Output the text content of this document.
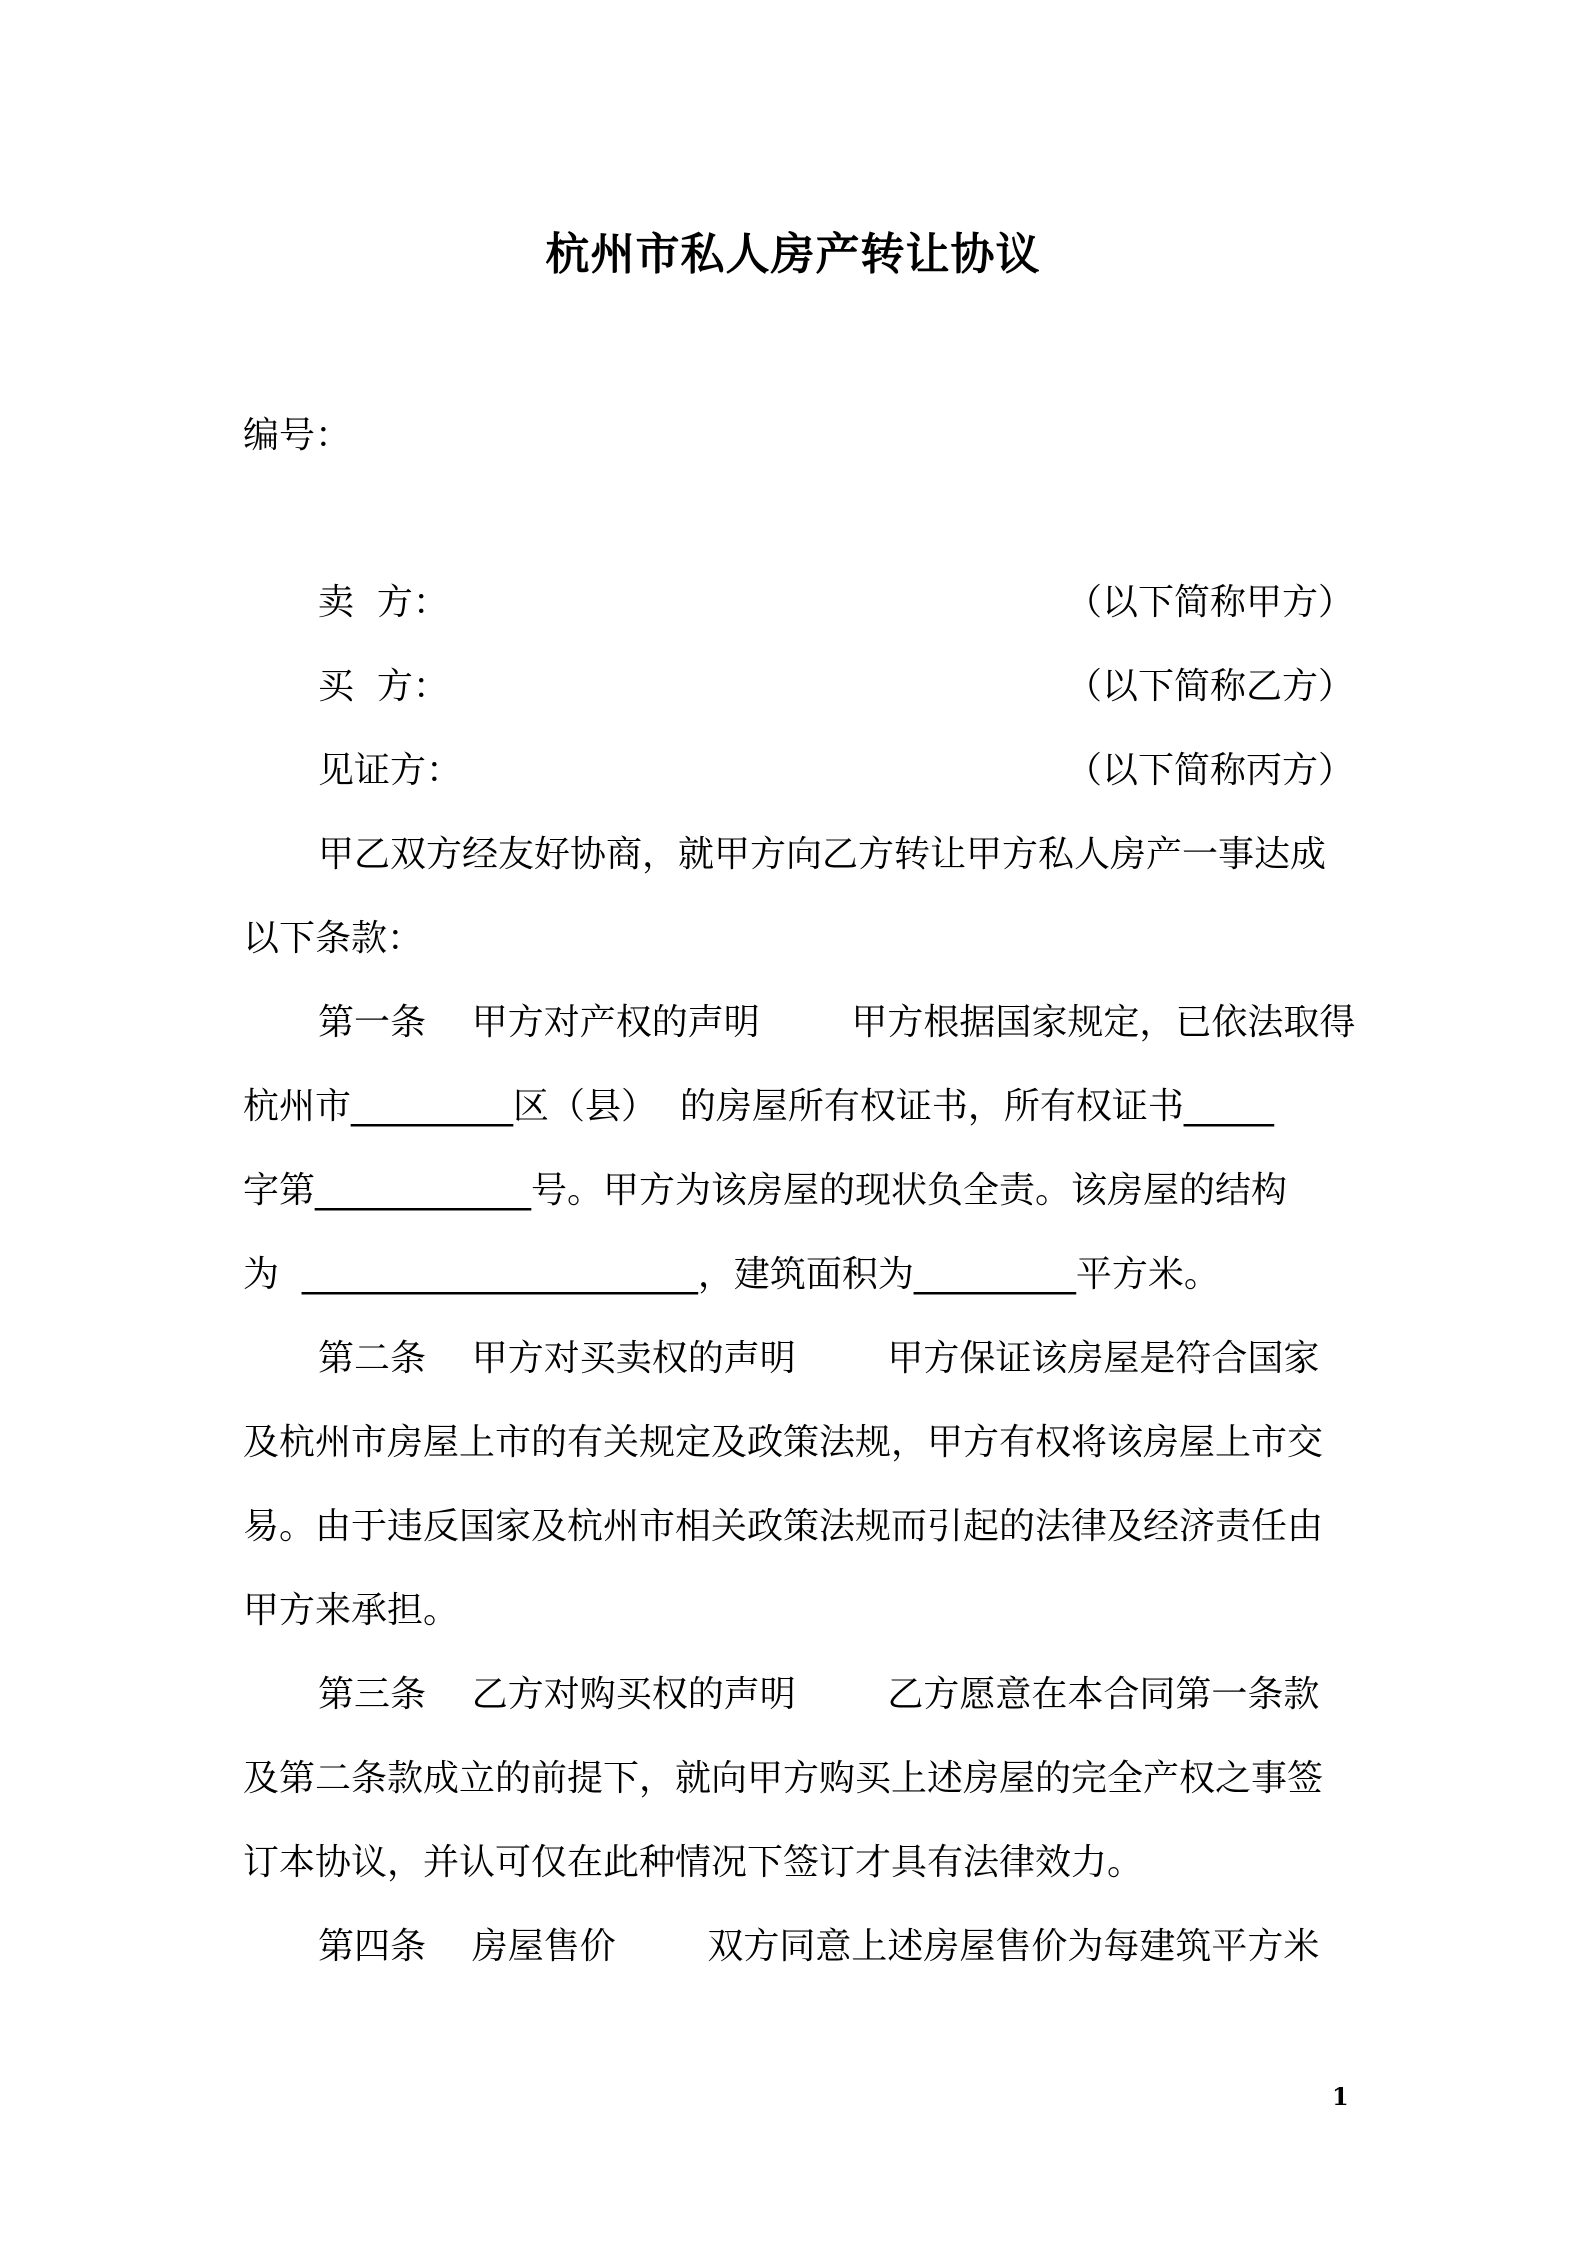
杭州市私人房产转让协议
编号：
卖  方：	（以下简称甲方）
买  方：	（以下简称乙方）
见证方：	（以下简称丙方）
甲乙双方经友好协商，就甲方向乙方转让甲方私人房产一事达成
以下条款：
第一条    甲方对产权的声明        甲方根据国家规定，已依法取得
杭州市_________区（县）  的房屋所有权证书，所有权证书_____
字第____________号。甲方为该房屋的现状负全责。该房屋的结构
为  ______________________，建筑面积为_________平方米。
第二条    甲方对买卖权的声明        甲方保证该房屋是符合国家
及杭州市房屋上市的有关规定及政策法规，甲方有权将该房屋上市交
易。由于违反国家及杭州市相关政策法规而引起的法律及经济责任由
甲方来承担。
第三条    乙方对购买权的声明        乙方愿意在本合同第一条款
及第二条款成立的前提下，就向甲方购买上述房屋的完全产权之事签
订本协议，并认可仅在此种情况下签订才具有法律效力。
第四条    房屋售价        双方同意上述房屋售价为每建筑平方米
1
